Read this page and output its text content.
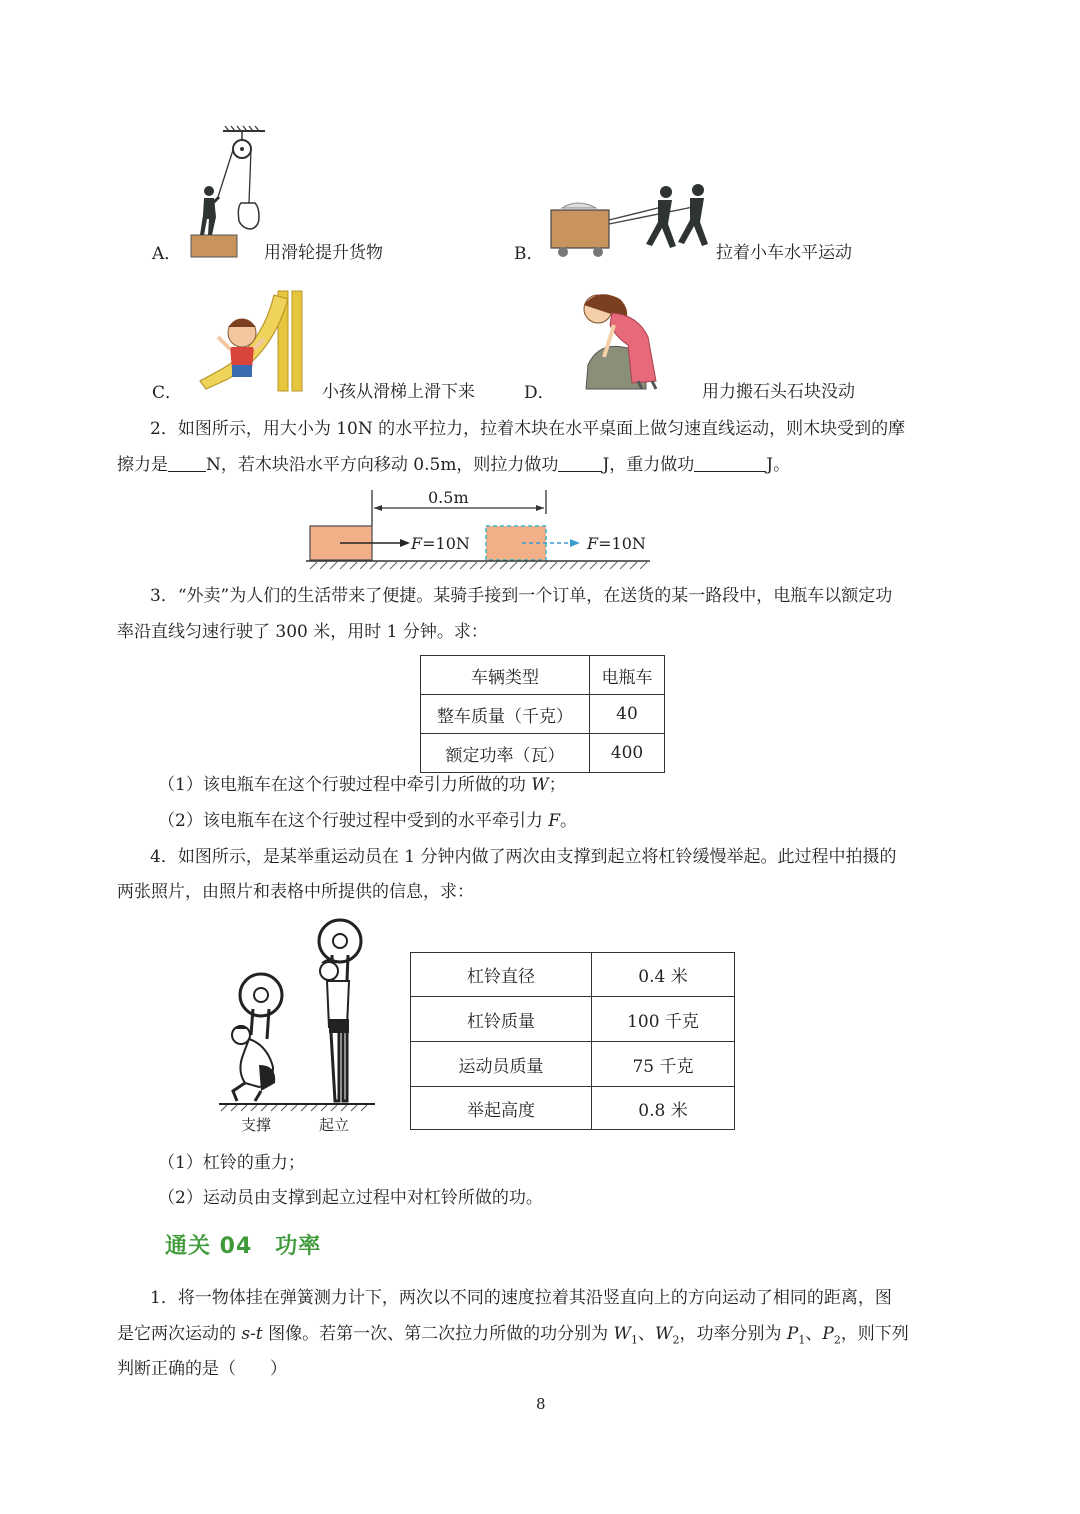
A．	用滑轮提升货物	B．	拉着小车水平运动
C．	小孩从滑梯上滑下来	D．	用力搬石头石块没动
2．如图所示，用大小为 10N 的水平拉力，拉着木块在水平桌面上做匀速直线运动，则木块受到的摩
擦力是 N，若木块沿水平方向移动 0.5m，则拉力做功	J，重力做功	J。
0.5m
F=10N	F=10N
3．“外卖”为人们的生活带来了便捷。某骑手接到一个订单，在送货的某一路段中，电瓶车以额定功
率沿直线匀速行驶了 300 米，用时 1 分钟。求：
车辆类型	电瓶车
整车质量（千克）	40
额定功率（瓦）	400
（1）该电瓶车在这个行驶过程中牵引力所做的功 W；
（2）该电瓶车在这个行驶过程中受到的水平牵引力 F。
4．如图所示，是某举重运动员在 1 分钟内做了两次由支撑到起立将杠铃缓慢举起。此过程中拍摄的
两张照片，由照片和表格中所提供的信息，求：
支撑	起立
杠铃直径	0.4 米
杠铃质量	100 千克
运动员质量	75 千克
举起高度	0.8 米
（1）杠铃的重力；
（2）运动员由支撑到起立过程中对杠铃所做的功。
通关 04　功率
1．将一物体挂在弹簧测力计下，两次以不同的速度拉着其沿竖直向上的方向运动了相同的距离，图
是它两次运动的 s-t 图像。若第一次、第二次拉力所做的功分别为 $W_1$、$W_2$，功率分别为 $P_1$、$P_2$，则下列
判断正确的是（　　）
8
